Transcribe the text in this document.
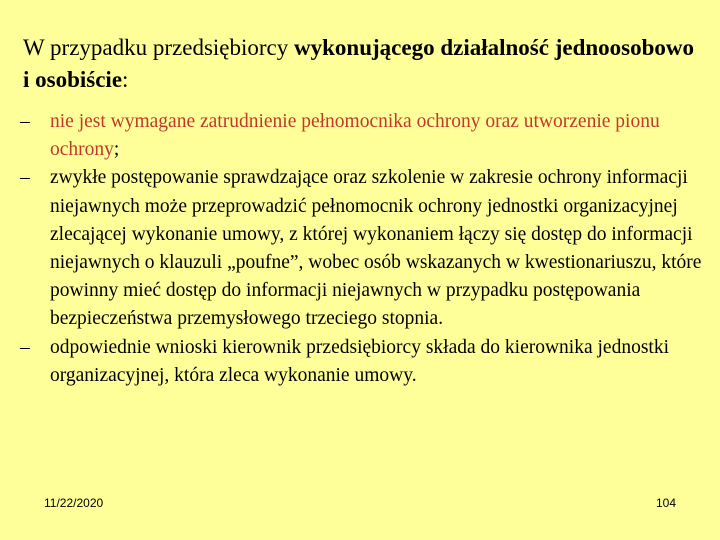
W przypadku przedsiębiorcy wykonującego działalność jednoosobowo i osobiście:
–	nie jest wymagane zatrudnienie pełnomocnika ochrony oraz utworzenie pionu ochrony;
–	zwykłe postępowanie sprawdzające oraz szkolenie w zakresie ochrony informacji niejawnych może przeprowadzić pełnomocnik ochrony jednostki organizacyjnej zlecającej wykonanie umowy, z której wykonaniem łączy się dostęp do informacji niejawnych o klauzuli „poufne”, wobec osób wskazanych w kwestionariuszu, które powinny mieć dostęp do informacji niejawnych w przypadku postępowania bezpieczeństwa przemysłowego trzeciego stopnia.
–	odpowiednie wnioski kierownik przedsiębiorcy składa do kierownika jednostki organizacyjnej, która zleca wykonanie umowy.
11/22/2020	104
